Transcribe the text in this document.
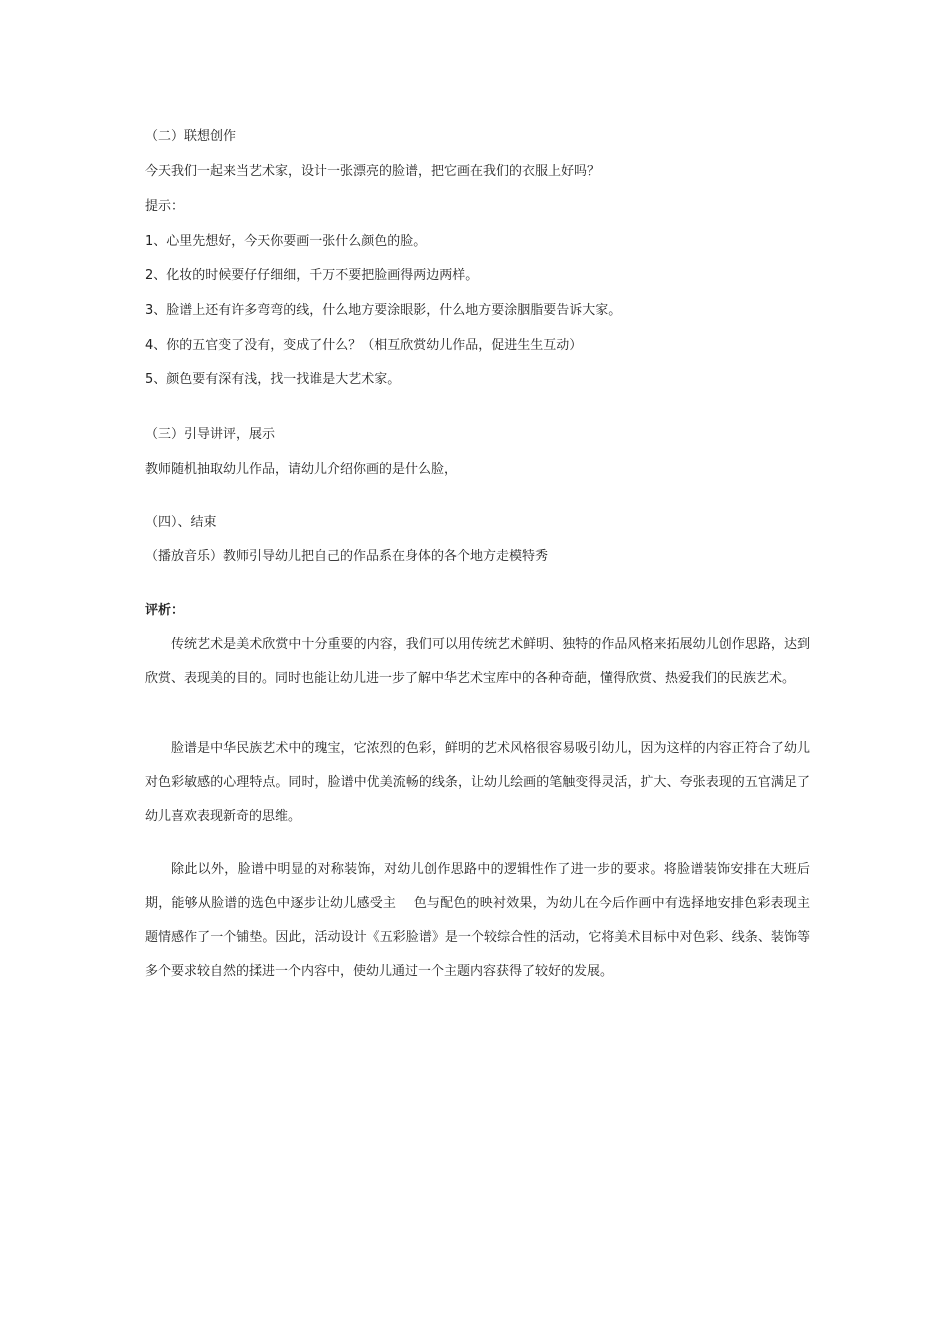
（二）联想创作
今天我们一起来当艺术家，设计一张漂亮的脸谱，把它画在我们的衣服上好吗？
提示：
1、心里先想好，今天你要画一张什么颜色的脸。
2、化妆的时候要仔仔细细，千万不要把脸画得两边两样。
3、脸谱上还有许多弯弯的线，什么地方要涂眼影，什么地方要涂胭脂要告诉大家。
4、你的五官变了没有，变成了什么？（相互欣赏幼儿作品，促进生生互动）
5、颜色要有深有浅，找一找谁是大艺术家。
（三）引导讲评，展示
教师随机抽取幼儿作品，请幼儿介绍你画的是什么脸，
（四）、结束
（播放音乐）教师引导幼儿把自己的作品系在身体的各个地方走模特秀
评析：
传统艺术是美术欣赏中十分重要的内容，我们可以用传统艺术鲜明、独特的作品风格来拓展幼儿创作思路，达到欣赏、表现美的目的。同时也能让幼儿进一步了解中华艺术宝库中的各种奇葩，懂得欣赏、热爱我们的民族艺术。
脸谱是中华民族艺术中的瑰宝，它浓烈的色彩，鲜明的艺术风格很容易吸引幼儿，因为这样的内容正符合了幼儿对色彩敏感的心理特点。同时，脸谱中优美流畅的线条，让幼儿绘画的笔触变得灵活，扩大、夸张表现的五官满足了幼儿喜欢表现新奇的思维。
除此以外，脸谱中明显的对称装饰，对幼儿创作思路中的逻辑性作了进一步的要求。将脸谱装饰安排在大班后期，能够从脸谱的选色中逐步让幼儿感受主　 色与配色的映衬效果，为幼儿在今后作画中有选择地安排色彩表现主题情感作了一个铺垫。因此，活动设计《五彩脸谱》是一个较综合性的活动，它将美术目标中对色彩、线条、装饰等多个要求较自然的揉进一个内容中，使幼儿通过一个主题内容获得了较好的发展。
